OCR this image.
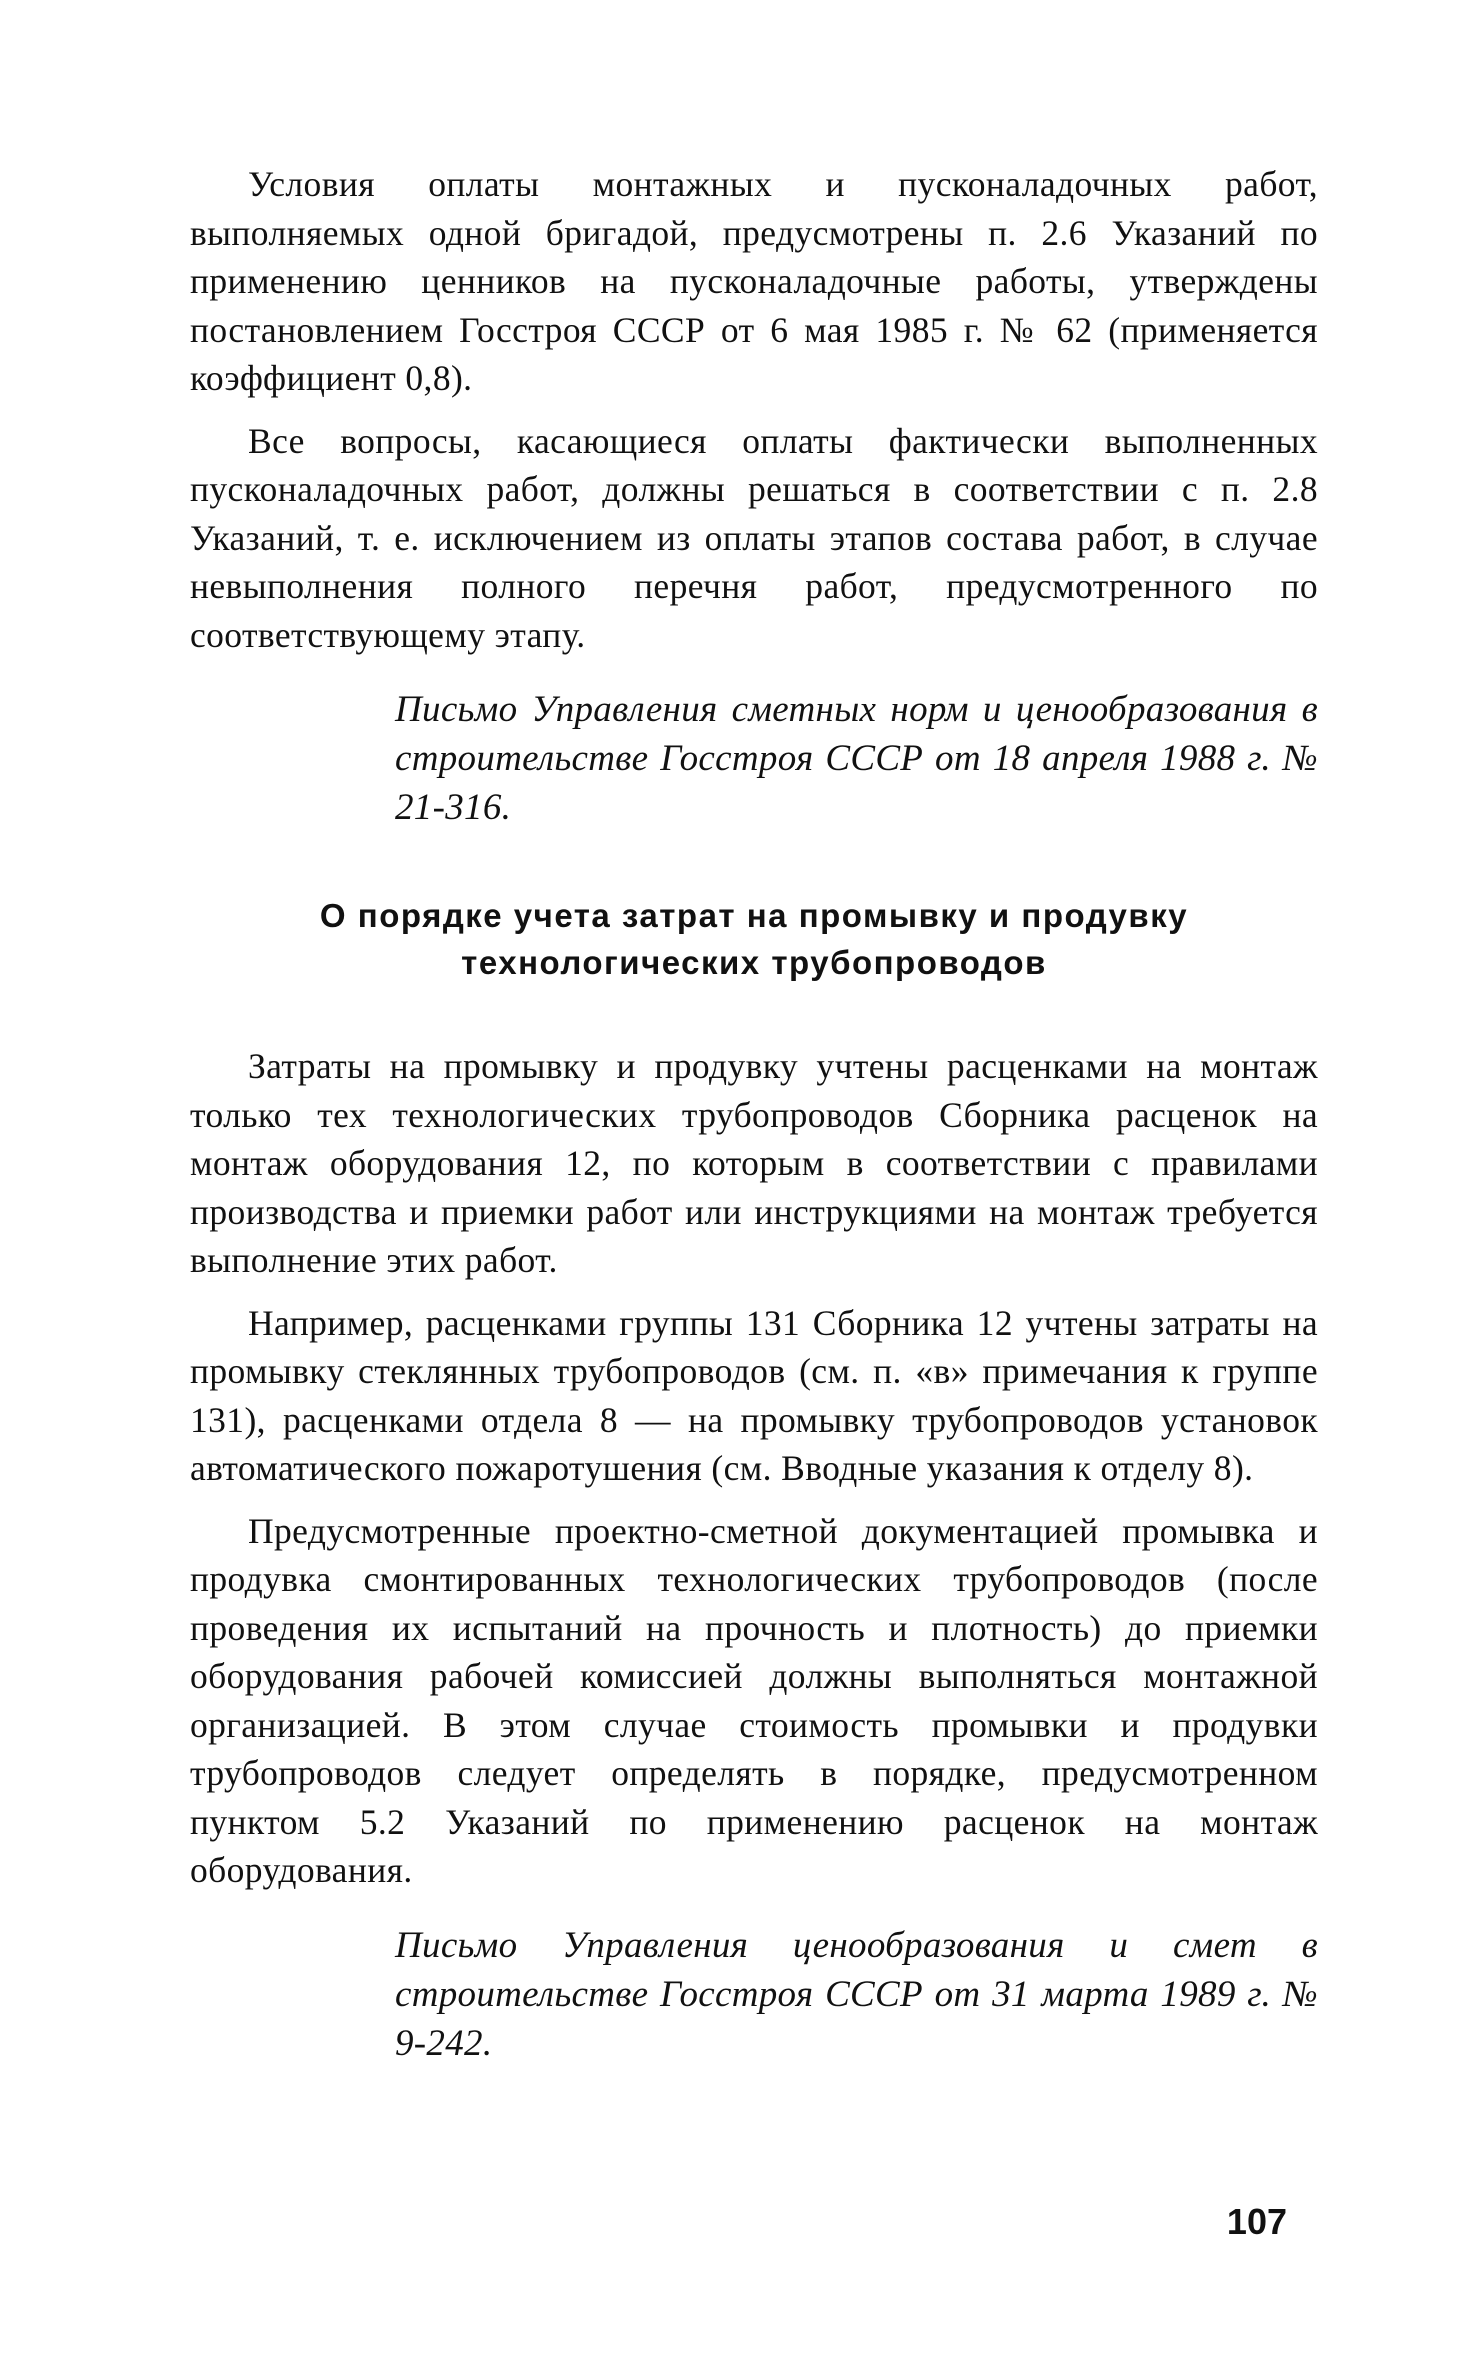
Условия оплаты монтажных и пусконаладочных работ, выполняемых одной бригадой, предусмотрены п. 2.6 Указаний по применению ценников на пусконаладочные работы, утверждены постановлением Госстроя СССР от 6 мая 1985 г. № 62 (применяется коэффициент 0,8).

Все вопросы, касающиеся оплаты фактически выполненных пусконаладочных работ, должны решаться в соответствии с п. 2.8 Указаний, т. е. исключением из оплаты этапов состава работ, в случае невыполнения полного перечня работ, предусмотренного по соответствующему этапу.

Письмо Управления сметных норм и ценообразования в строительстве Госстроя СССР от 18 апреля 1988 г. № 21-316.

О порядке учета затрат на промывку и продувку
технологических трубопроводов

Затраты на промывку и продувку учтены расценками на монтаж только тех технологических трубопроводов Сборника расценок на монтаж оборудования 12, по которым в соответствии с правилами производства и приемки работ или инструкциями на монтаж требуется выполнение этих работ.

Например, расценками группы 131 Сборника 12 учтены затраты на промывку стеклянных трубопроводов (см. п. «в» примечания к группе 131), расценками отдела 8 — на промывку трубопроводов установок автоматического пожаротушения (см. Вводные указания к отделу 8).

Предусмотренные проектно-сметной документацией промывка и продувка смонтированных технологических трубопроводов (после проведения их испытаний на прочность и плотность) до приемки оборудования рабочей комиссией должны выполняться монтажной организацией. В этом случае стоимость промывки и продувки трубопроводов следует определять в порядке, предусмотренном пунктом 5.2 Указаний по применению расценок на монтаж оборудования.

Письмо Управления ценообразования и смет в строительстве Госстроя СССР от 31 марта 1989 г. № 9-242.

107
